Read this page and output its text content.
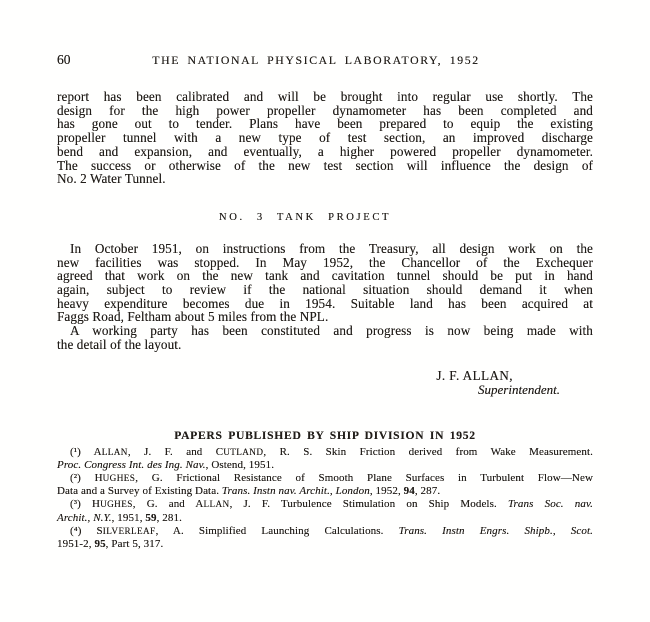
60	THE NATIONAL PHYSICAL LABORATORY, 1952
report has been calibrated and will be brought into regular use shortly. The
design for the high power propeller dynamometer has been completed and
has gone out to tender. Plans have been prepared to equip the existing
propeller tunnel with a new type of test section, an improved discharge
bend and expansion, and eventually, a higher powered propeller dynamometer.
The success or otherwise of the new test section will influence the design of
No. 2 Water Tunnel.
NO. 3 TANK PROJECT
In October 1951, on instructions from the Treasury, all design work on the
new facilities was stopped. In May 1952, the Chancellor of the Exchequer
agreed that work on the new tank and cavitation tunnel should be put in hand
again, subject to review if the national situation should demand it when
heavy expenditure becomes due in 1954. Suitable land has been acquired at
Faggs Road, Feltham about 5 miles from the NPL.
A working party has been constituted and progress is now being made with
the detail of the layout.
J. F. ALLAN,
Superintendent.
PAPERS PUBLISHED BY SHIP DIVISION IN 1952
(¹) ALLAN, J. F. and CUTLAND, R. S. Skin Friction derived from Wake Measurement.
Proc. Congress Int. des Ing. Nav., Ostend, 1951.
(²) HUGHES, G. Frictional Resistance of Smooth Plane Surfaces in Turbulent Flow—New
Data and a Survey of Existing Data. Trans. Instn nav. Archit., London, 1952, 94, 287.
(³) HUGHES, G. and ALLAN, J. F. Turbulence Stimulation on Ship Models. Trans Soc. nav.
Archit., N.Y., 1951, 59, 281.
(⁴) SILVERLEAF, A. Simplified Launching Calculations. Trans. Instn Engrs. Shipb., Scot.
1951-2, 95, Part 5, 317.
